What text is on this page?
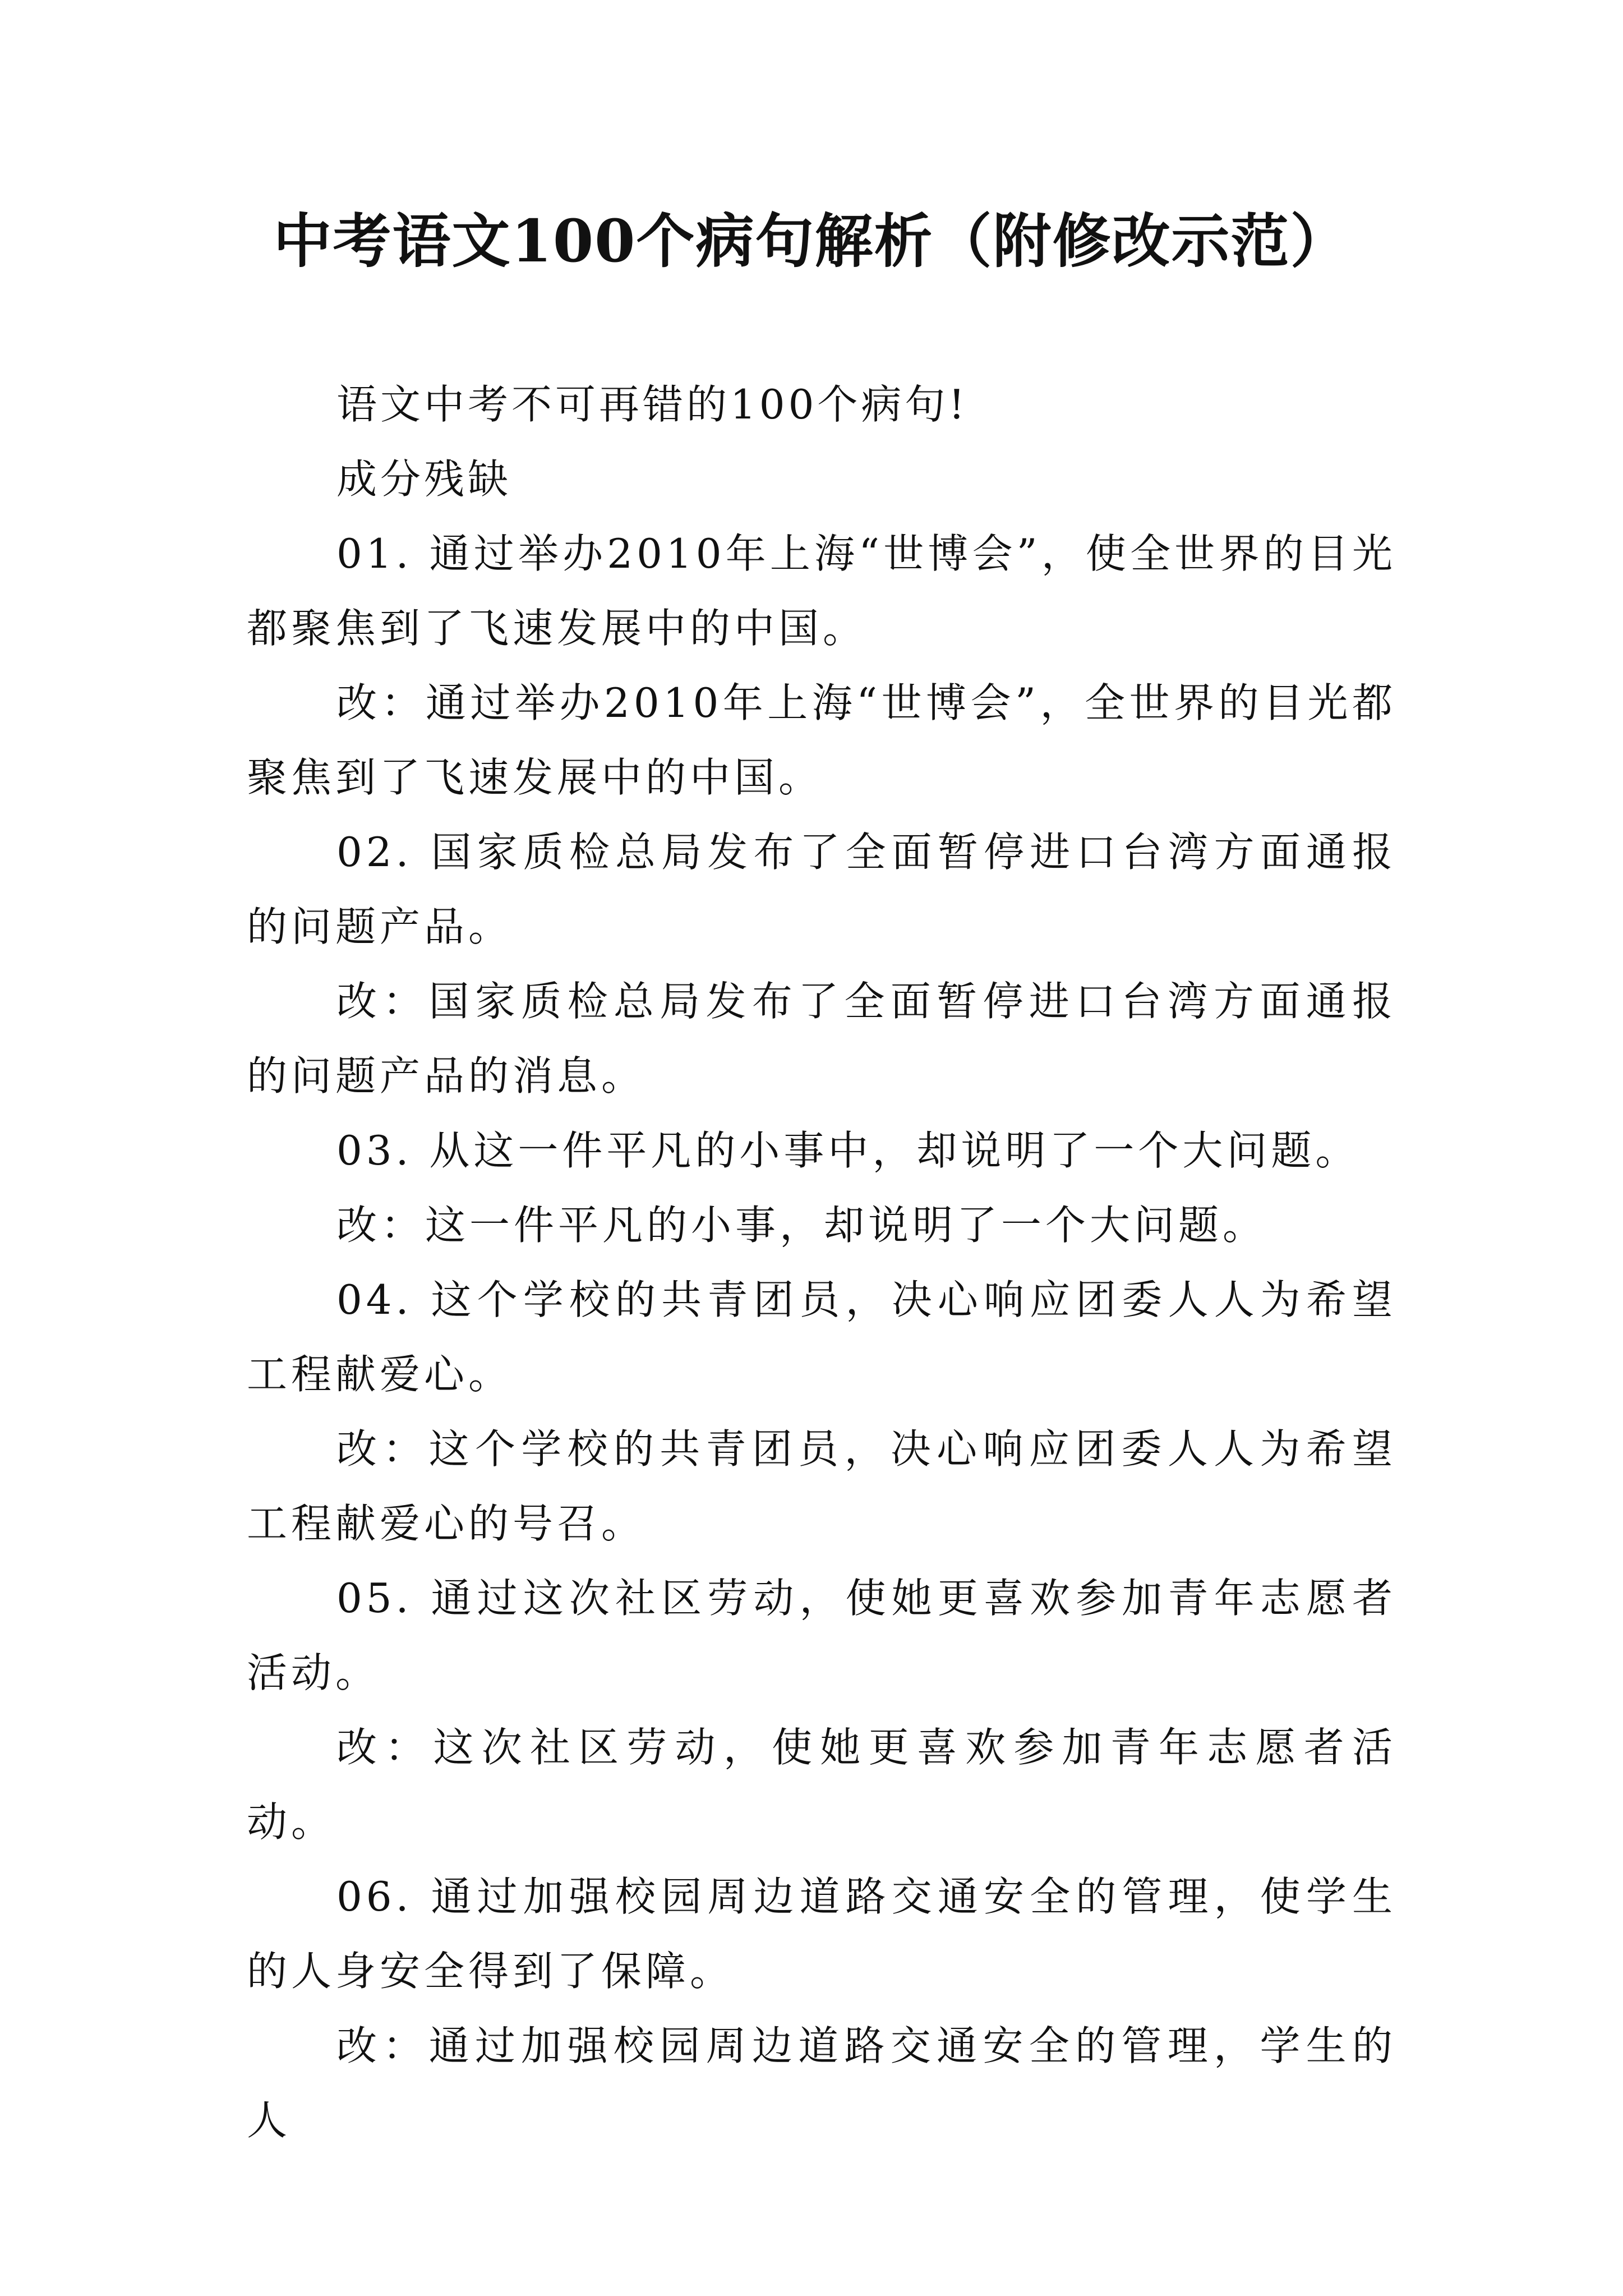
中考语文100个病句解析（附修改示范）

语文中考不可再错的100个病句!

成分残缺

01. 通过举办2010年上海“世博会”，使全世界的目光都聚焦到了飞速发展中的中国。

改：通过举办2010年上海“世博会”，全世界的目光都聚焦到了飞速发展中的中国。

02. 国家质检总局发布了全面暂停进口台湾方面通报的问题产品。

改：国家质检总局发布了全面暂停进口台湾方面通报的问题产品的消息。

03. 从这一件平凡的小事中，却说明了一个大问题。

改：这一件平凡的小事，却说明了一个大问题。

04. 这个学校的共青团员，决心响应团委人人为希望工程献爱心。

改：这个学校的共青团员，决心响应团委人人为希望工程献爱心的号召。

05. 通过这次社区劳动，使她更喜欢参加青年志愿者活动。

改：这次社区劳动，使她更喜欢参加青年志愿者活动。

06. 通过加强校园周边道路交通安全的管理，使学生的人身安全得到了保障。

改：通过加强校园周边道路交通安全的管理，学生的人
